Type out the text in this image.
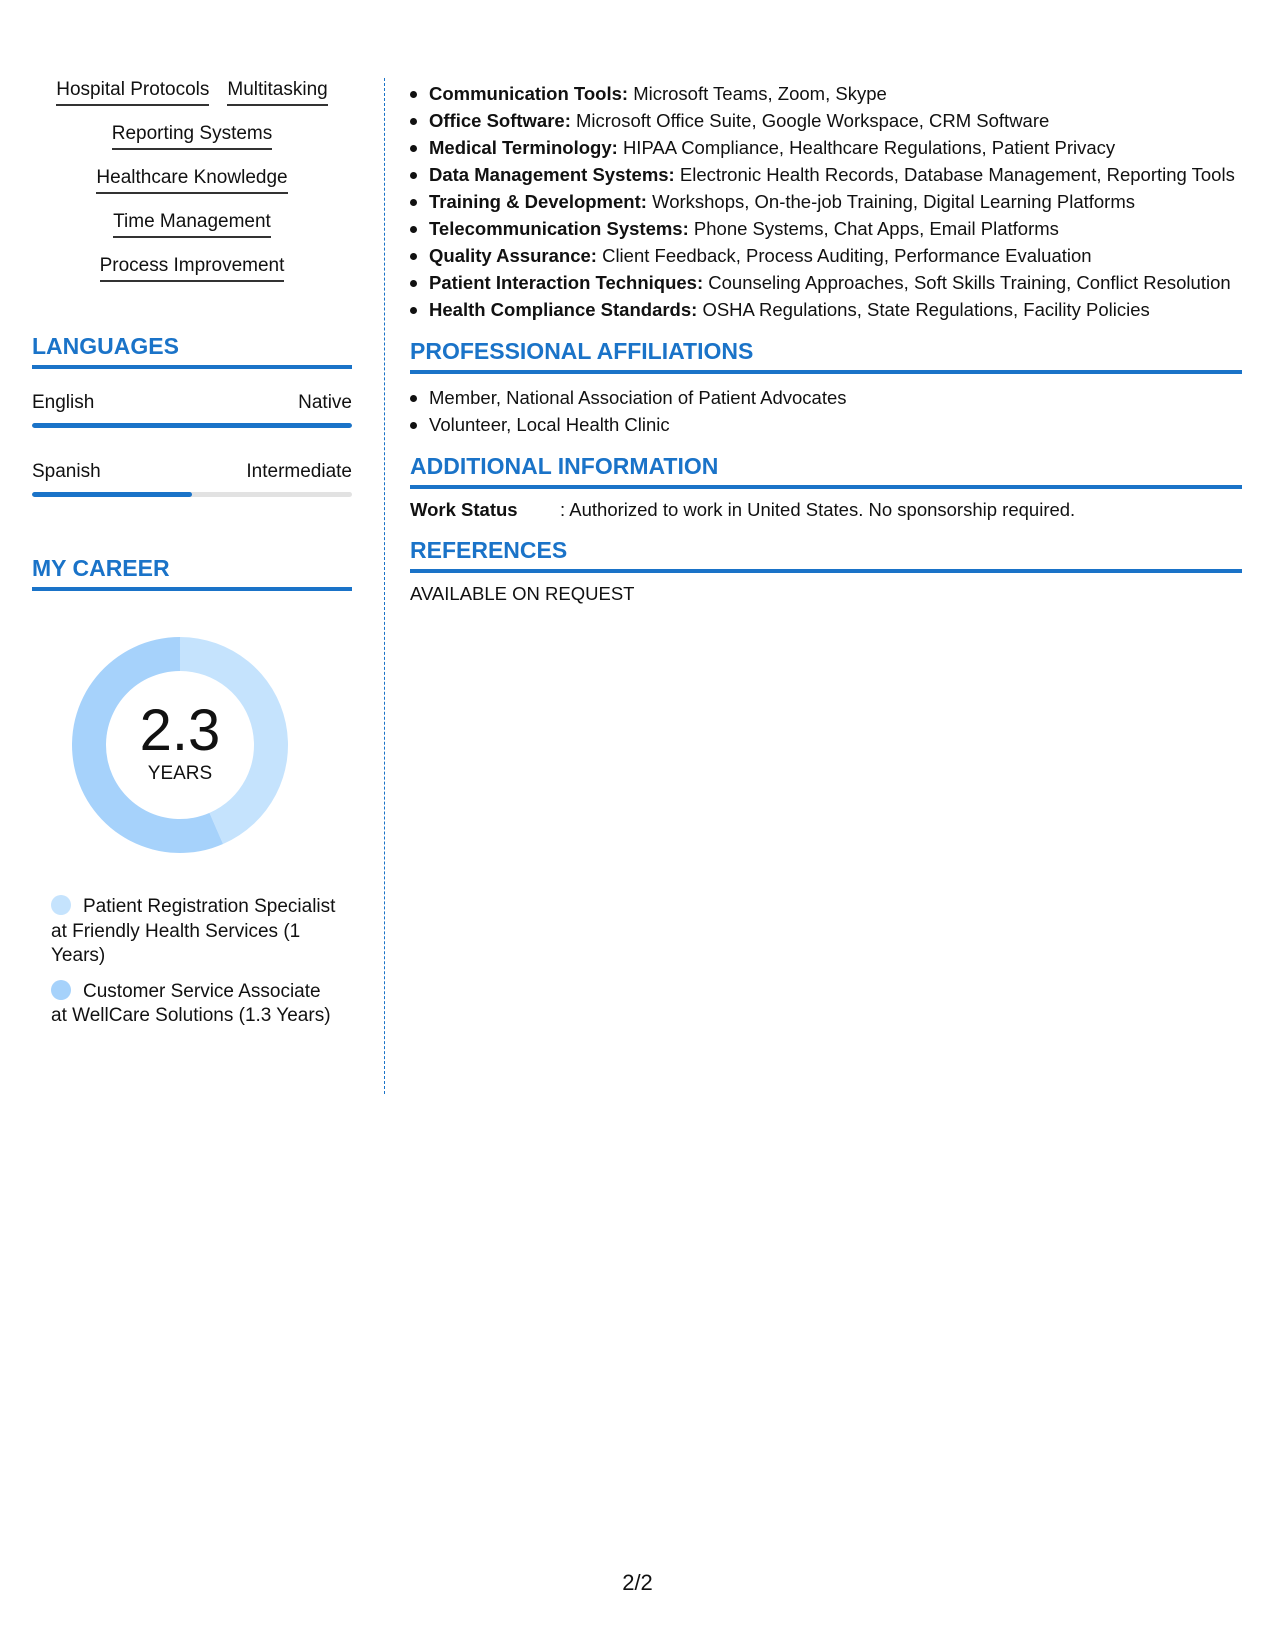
Hospital Protocols Multitasking
Reporting Systems
Healthcare Knowledge
Time Management
Process Improvement
LANGUAGES
English	Native
Spanish	Intermediate
MY CAREER
2.3
YEARS
Patient Registration Specialist at Friendly Health Services (1 Years)
Customer Service Associate at WellCare Solutions (1.3 Years)
Communication Tools: Microsoft Teams, Zoom, Skype
Office Software: Microsoft Office Suite, Google Workspace, CRM Software
Medical Terminology: HIPAA Compliance, Healthcare Regulations, Patient Privacy
Data Management Systems: Electronic Health Records, Database Management, Reporting Tools
Training & Development: Workshops, On-the-job Training, Digital Learning Platforms
Telecommunication Systems: Phone Systems, Chat Apps, Email Platforms
Quality Assurance: Client Feedback, Process Auditing, Performance Evaluation
Patient Interaction Techniques: Counseling Approaches, Soft Skills Training, Conflict Resolution
Health Compliance Standards: OSHA Regulations, State Regulations, Facility Policies
PROFESSIONAL AFFILIATIONS
Member, National Association of Patient Advocates
Volunteer, Local Health Clinic
ADDITIONAL INFORMATION
Work Status	: Authorized to work in United States. No sponsorship required.
REFERENCES
AVAILABLE ON REQUEST
2/2
